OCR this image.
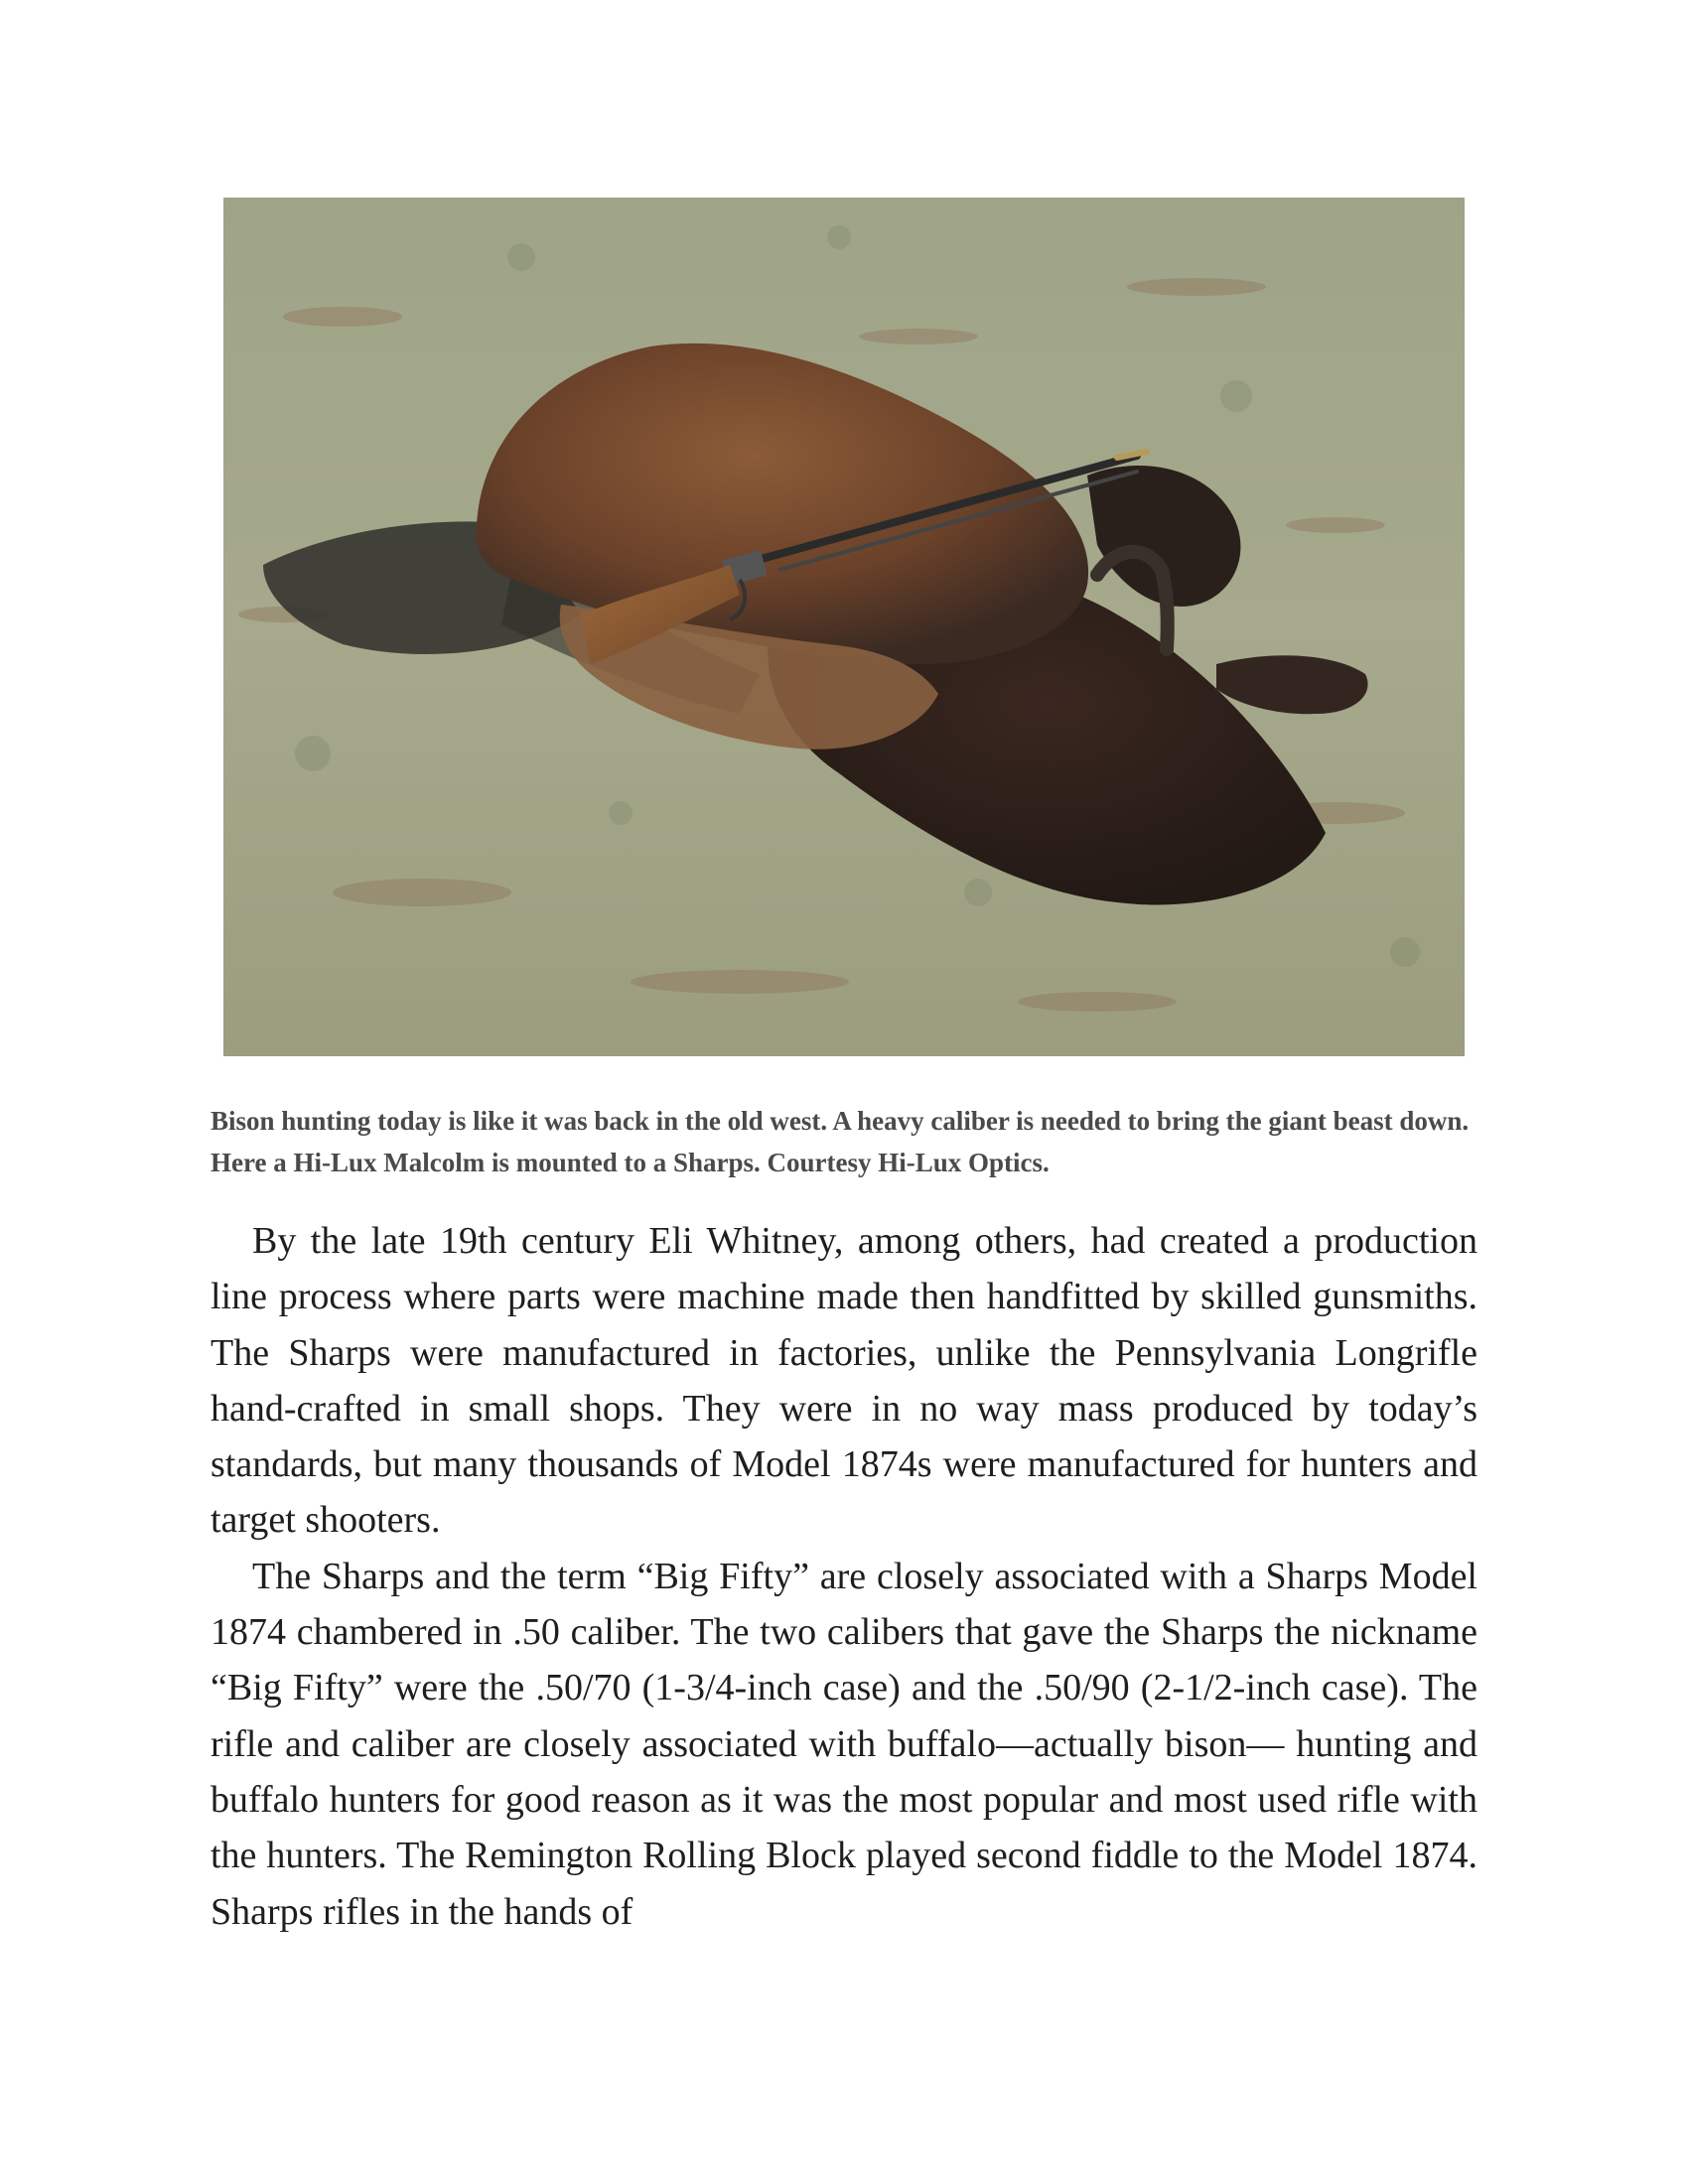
Bison hunting today is like it was back in the old west. A heavy caliber is needed to bring the giant beast down. Here a Hi-Lux Malcolm is mounted to a Sharps. Courtesy Hi-Lux Optics.

By the late 19th century Eli Whitney, among others, had created a production line process where parts were machine made then handfitted by skilled gunsmiths. The Sharps were manufactured in factories, unlike the Pennsylvania Longrifle hand-crafted in small shops. They were in no way mass produced by today’s standards, but many thousands of Model 1874s were manufactured for hunters and target shooters.

The Sharps and the term “Big Fifty” are closely associated with a Sharps Model 1874 chambered in .50 caliber. The two calibers that gave the Sharps the nickname “Big Fifty” were the .50/70 (1-3/4-inch case) and the .50/90 (2-1/2-inch case). The rifle and caliber are closely associated with buffalo—actually bison— hunting and buffalo hunters for good reason as it was the most popular and most used rifle with the hunters. The Remington Rolling Block played second fiddle to the Model 1874. Sharps rifles in the hands of
